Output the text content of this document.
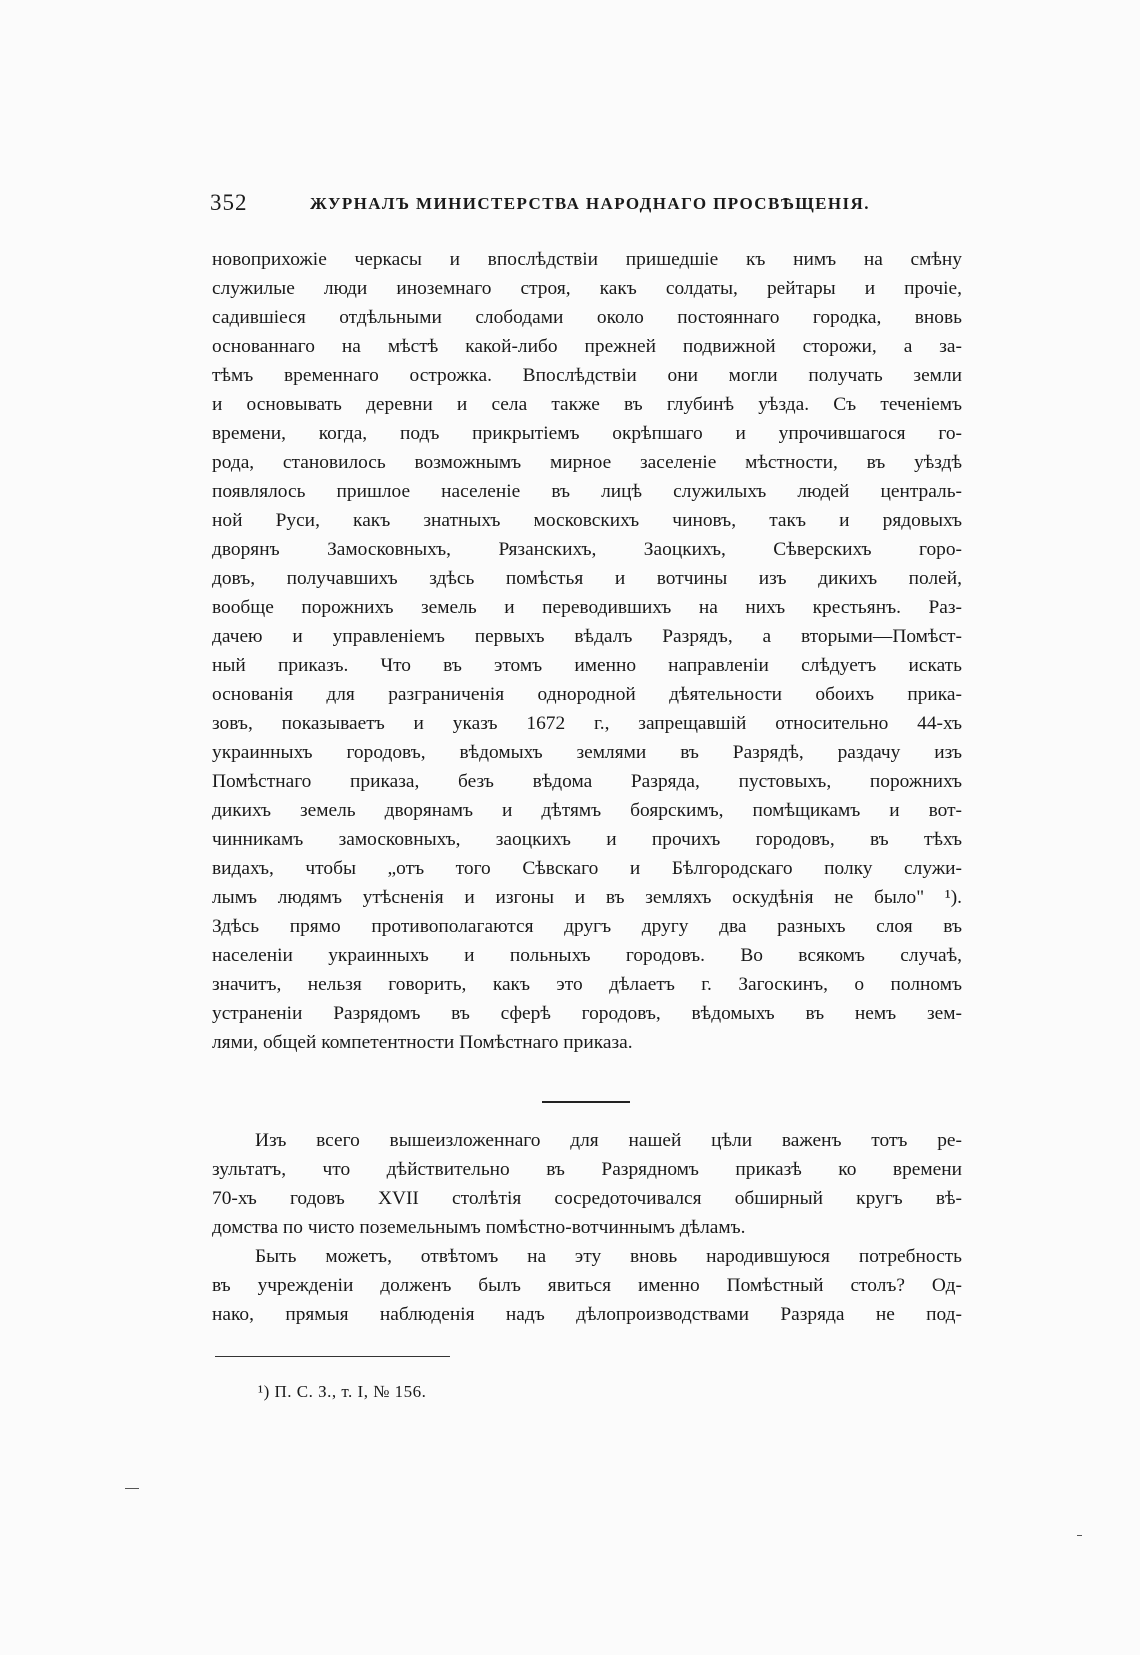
352	ЖУРНАЛЪ МИНИСТЕРСТВА НАРОДНАГО ПРОСВѢЩЕНІЯ.
новоприхожіе черкасы и впослѣдствіи пришедшіе къ нимъ на смѣну
служилые люди иноземнаго строя, какъ солдаты, рейтары и прочіе,
садившіеся отдѣльными слободами около постояннаго городка, вновь
основаннаго на мѣстѣ какой-либо прежней подвижной сторожи, а за-
тѣмъ временнаго острожка. Впослѣдствіи они могли получать земли
и основывать деревни и села также въ глубинѣ уѣзда. Съ теченіемъ
времени, когда, подъ прикрытіемъ окрѣпшаго и упрочившагося го-
рода, становилось возможнымъ мирное заселеніе мѣстности, въ уѣздѣ
появлялось пришлое населеніе въ лицѣ служилыхъ людей централь-
ной Руси, какъ знатныхъ московскихъ чиновъ, такъ и рядовыхъ
дворянъ Замосковныхъ, Рязанскихъ, Заоцкихъ, Сѣверскихъ горо-
довъ, получавшихъ здѣсь помѣстья и вотчины изъ дикихъ полей,
вообще порожнихъ земель и переводившихъ на нихъ крестьянъ. Раз-
дачею и управленіемъ первыхъ вѣдалъ Разрядъ, а вторыми—Помѣст-
ный приказъ. Что въ этомъ именно направленіи слѣдуетъ искать
основанія для разграниченія однородной дѣятельности обоихъ прика-
зовъ, показываетъ и указъ 1672 г., запрещавшій относительно 44-хъ
украинныхъ городовъ, вѣдомыхъ землями въ Разрядѣ, раздачу изъ
Помѣстнаго приказа, безъ вѣдома Разряда, пустовыхъ, порожнихъ
дикихъ земель дворянамъ и дѣтямъ боярскимъ, помѣщикамъ и вот-
чинникамъ замосковныхъ, заоцкихъ и прочихъ городовъ, въ тѣхъ
видахъ, чтобы „отъ того Сѣвскаго и Бѣлгородскаго полку служи-
лымъ людямъ утѣсненія и изгоны и въ земляхъ оскудѣнія не было" ¹).
Здѣсь прямо противополагаются другъ другу два разныхъ слоя въ
населеніи украинныхъ и польныхъ городовъ. Во всякомъ случаѣ,
значитъ, нельзя говорить, какъ это дѣлаетъ г. Загоскинъ, о полномъ
устраненіи Разрядомъ въ сферѣ городовъ, вѣдомыхъ въ немъ зем-
лями, общей компетентности Помѣстнаго приказа.
Изъ всего вышеизложеннаго для нашей цѣли важенъ тотъ ре-
зультатъ, что дѣйствительно въ Разрядномъ приказѣ ко времени
70-хъ годовъ XVII столѣтія сосредоточивался обширный кругъ вѣ-
домства по чисто поземельнымъ помѣстно-вотчиннымъ дѣламъ.
Быть можетъ, отвѣтомъ на эту вновь народившуюся потребность
въ учрежденіи долженъ былъ явиться именно Помѣстный столъ? Од-
нако, прямыя наблюденія надъ дѣлопроизводствами Разряда не под-
¹) П. С. З., т. I, № 156.
